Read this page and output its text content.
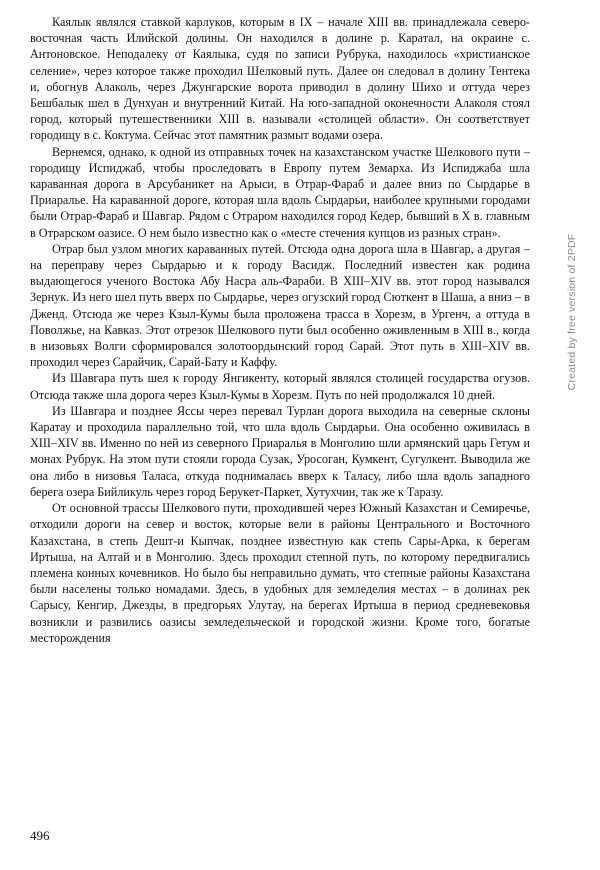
Каялык являлся ставкой карлуков, которым в IX – начале XIII вв. принадлежала северо-восточная часть Илийской долины. Он находился в долине р. Каратал, на окраине с. Антоновское. Неподалеку от Каялыка, судя по записи Рубрука, находилось «христианское селение», через которое также проходил Шелковый путь. Далее он следовал в долину Тентека и, обогнув Алаколь, через Джунгарские ворота приводил в долину Шихо и оттуда через Бешбалык шел в Дунхуан и внутренний Китай. На юго-западной оконечности Алаколя стоял город, который путешественники XIII в. называли «столицей области». Он соответствует городищу в с. Коктума. Сейчас этот памятник размыт водами озера.

Вернемся, однако, к одной из отправных точек на казахстанском участке Шелкового пути – городищу Испиджаб, чтобы проследовать в Европу путем Земарха. Из Испиджаба шла караванная дорога в Арсубаникет на Арыси, в Отрар-Фараб и далее вниз по Сырдарье в Приаралье. На караванной дороге, которая шла вдоль Сырдарьи, наиболее крупными городами были Отрар-Фараб и Шавгар. Рядом с Отраром находился город Кедер, бывший в X в. главным в Отрарском оазисе. О нем было известно как о «месте стечения купцов из разных стран».

Отрар был узлом многих караванных путей. Отсюда одна дорога шла в Шавгар, а другая – на переправу через Сырдарью и к городу Васидж. Последний известен как родина выдающегося ученого Востока Абу Насра аль-Фараби. В XIII–XIV вв. этот город назывался Зернук. Из него шел путь вверх по Сырдарье, через огузский город Сюткент в Шаша, а вниз – в Дженд. Отсюда же через Кзыл-Кумы была проложена трасса в Хорезм, в Ургенч, а оттуда в Поволжье, на Кавказ. Этот отрезок Шелкового пути был особенно оживленным в XIII в., когда в низовьях Волги сформировался золотоордынский город Сарай. Этот путь в XIII–XIV вв. проходил через Сарайчик, Сарай-Бату и Каффу.

Из Шавгара путь шел к городу Янгикенту, который являлся столицей государства огузов. Отсюда также шла дорога через Кзыл-Кумы в Хорезм. Путь по ней продолжался 10 дней.

Из Шавгара и позднее Яссы через перевал Турлан дорога выходила на северные склоны Каратау и проходила параллельно той, что шла вдоль Сырдарьи. Она особенно оживилась в XIII–XIV вв. Именно по ней из северного Приаралья в Монголию шли армянский царь Гетум и монах Рубрук. На этом пути стояли города Сузак, Уросоган, Кумкент, Сугулкент. Выводила же она либо в низовья Таласа, откуда поднималась вверх к Таласу, либо шла вдоль западного берега озера Бийликуль через город Берукет-Паркет, Хутухчин, так же к Таразу.

От основной трассы Шелкового пути, проходившей через Южный Казахстан и Семиречье, отходили дороги на север и восток, которые вели в районы Центрального и Восточного Казахстана, в степь Дешт-и Кыпчак, позднее известную как степь Сары-Арка, к берегам Иртыша, на Алтай и в Монголию. Здесь проходил степной путь, по которому передвигались племена конных кочевников. Но было бы неправильно думать, что степные районы Казахстана были населены только номадами. Здесь, в удобных для земледелия местах – в долинах рек Сарысу, Кенгир, Джезды, в предгорьях Улутау, на берегах Иртыша в период средневековья возникли и развились оазисы земледельческой и городской жизни. Кроме того, богатые месторождения

496
Created by free version of 2PDF
